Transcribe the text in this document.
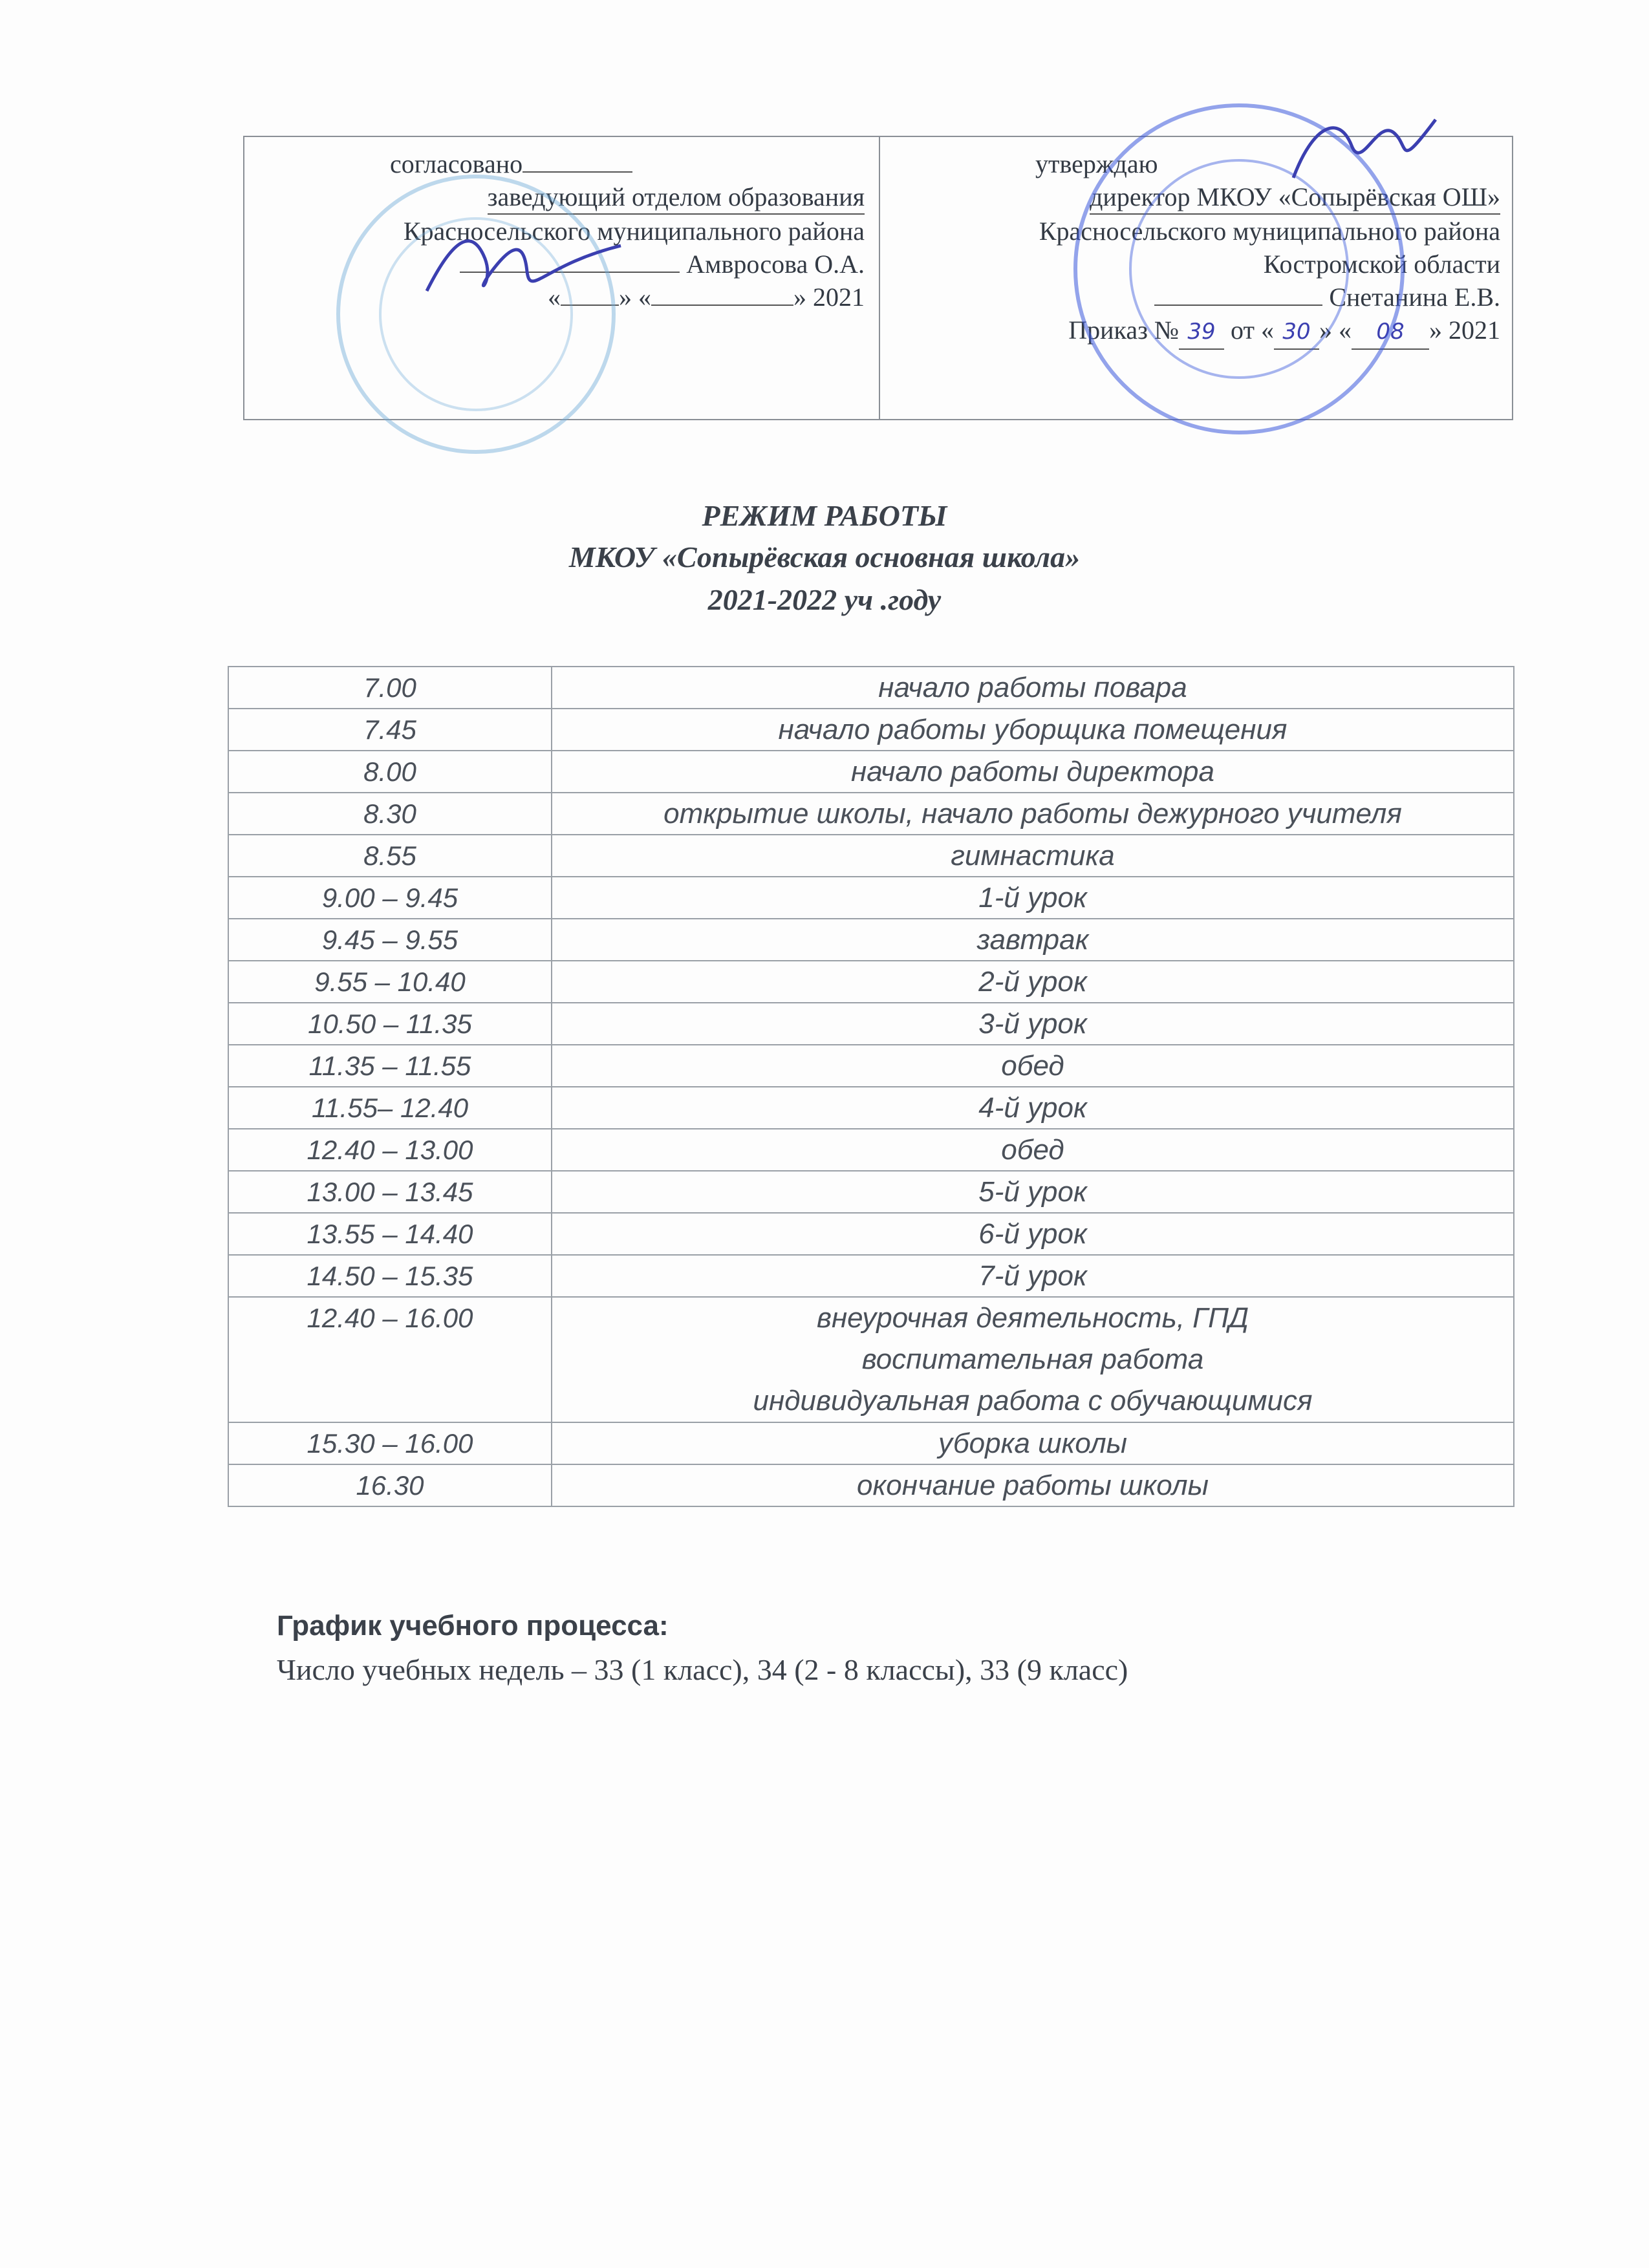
согласовано
заведующий отделом образования
Красносельского муниципального района
Амвросова О.А.
« » «	» 2021
утверждаю
директор МКОУ «Сопырёвская ОШ»
Красносельского муниципального района
Костромской области
Снетанина Е.В.
Приказ № 39 от « 30 » « 08 » 2021
РЕЖИМ РАБОТЫ
МКОУ «Сопырёвская основная школа»
2021-2022 уч .году
7.00	начало работы повара
7.45	начало работы уборщика помещения
8.00	начало работы директора
8.30	открытие школы, начало работы дежурного учителя
8.55	гимнастика
9.00 – 9.45	1-й урок
9.45 – 9.55	завтрак
9.55 – 10.40	2-й урок
10.50 – 11.35	3-й урок
11.35 – 11.55	обед
11.55– 12.40	4-й урок
12.40 – 13.00	обед
13.00 – 13.45	5-й урок
13.55 – 14.40	6-й урок
14.50 – 15.35	7-й урок
12.40 – 16.00	внеурочная деятельность, ГПД
воспитательная работа
индивидуальная работа с обучающимися

15.30 – 16.00	уборка школы
16.30	окончание работы школы
График учебного процесса:
Число учебных недель – 33 (1 класс), 34 (2 - 8 классы), 33 (9 класс)
